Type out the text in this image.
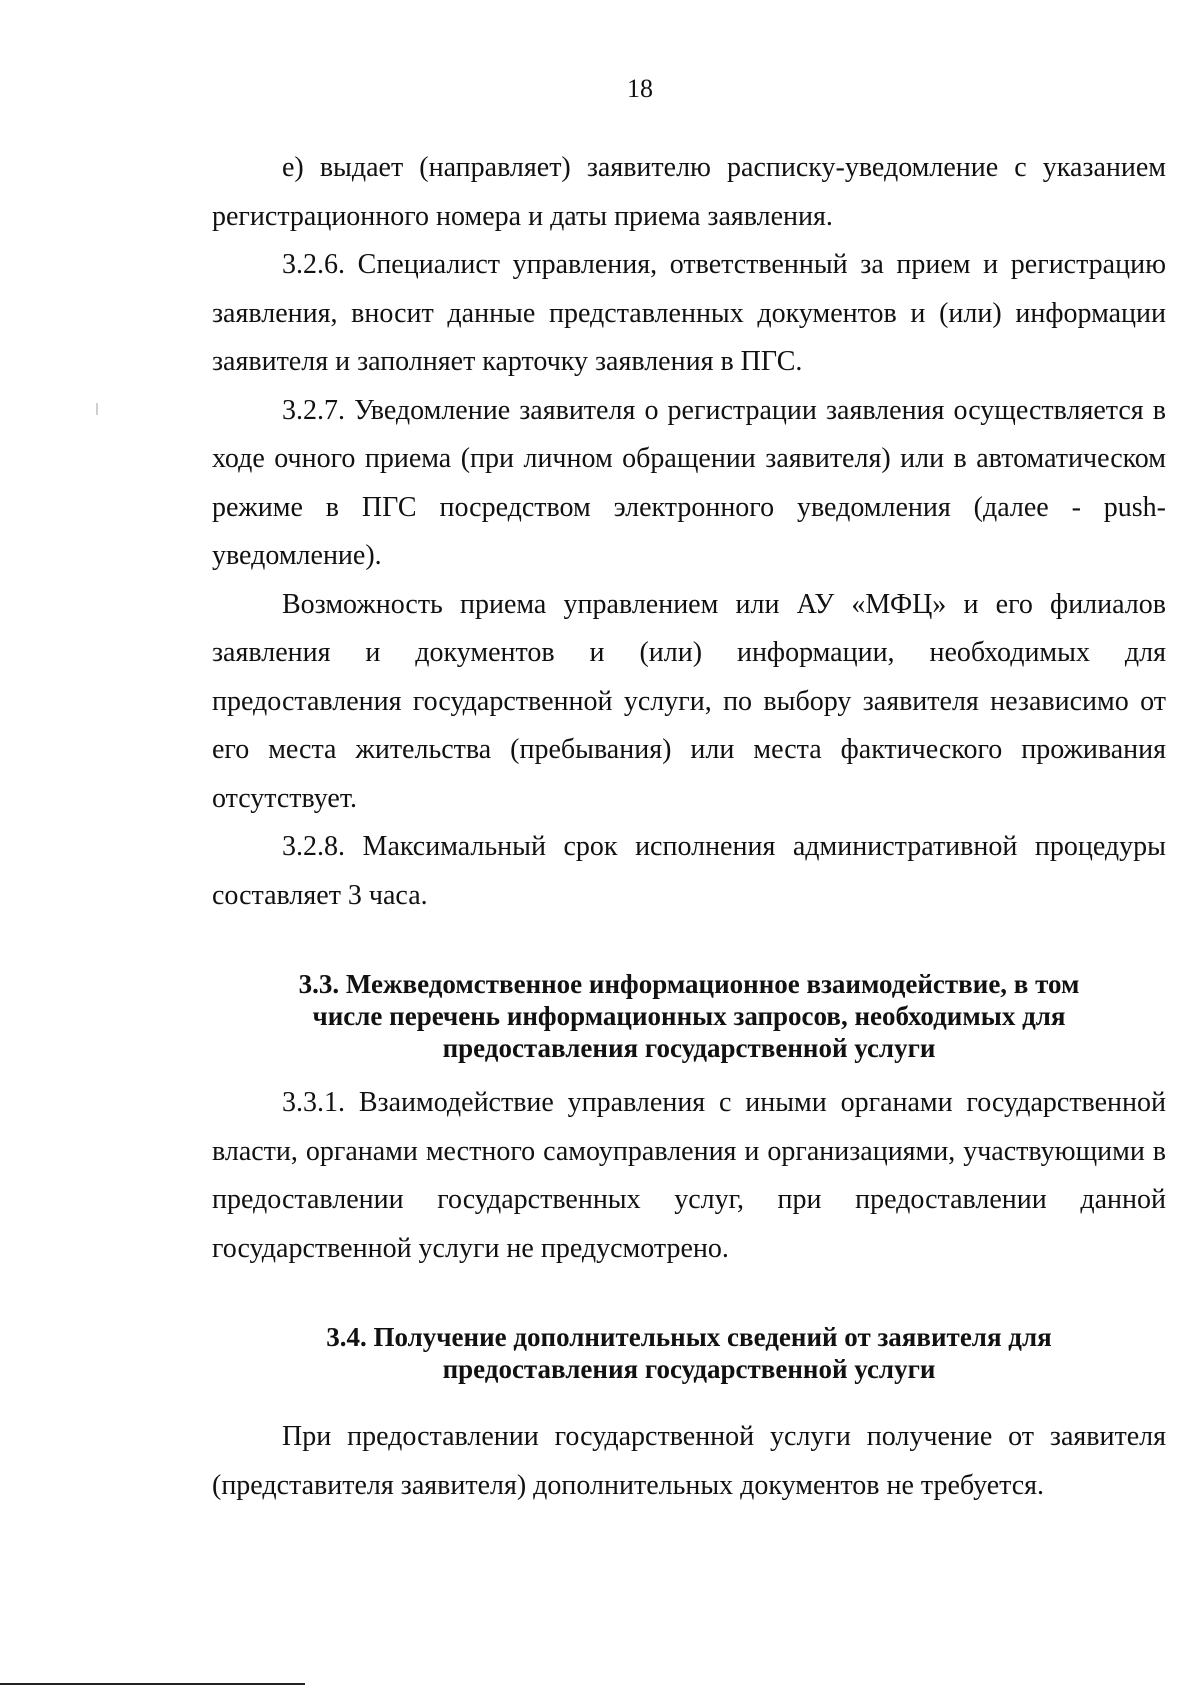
18

е) выдает (направляет) заявителю расписку-уведомление с указанием регистрационного номера и даты приема заявления.

3.2.6. Специалист управления, ответственный за прием и регистрацию заявления, вносит данные представленных документов и (или) информации заявителя и заполняет карточку заявления в ПГС.

3.2.7. Уведомление заявителя о регистрации заявления осуществляется в ходе очного приема (при личном обращении заявителя) или в автоматическом режиме в ПГС посредством электронного уведомления (далее - push-уведомление).

Возможность приема управлением или АУ «МФЦ» и его филиалов заявления и документов и (или) информации, необходимых для предоставления государственной услуги, по выбору заявителя независимо от его места жительства (пребывания) или места фактического проживания отсутствует.

3.2.8. Максимальный срок исполнения административной процедуры составляет 3 часа.

3.3. Межведомственное информационное взаимодействие, в том числе перечень информационных запросов, необходимых для предоставления государственной услуги

3.3.1. Взаимодействие управления с иными органами государственной власти, органами местного самоуправления и организациями, участвующими в предоставлении государственных услуг, при предоставлении данной государственной услуги не предусмотрено.

3.4. Получение дополнительных сведений от заявителя для предоставления государственной услуги

При предоставлении государственной услуги получение от заявителя (представителя заявителя) дополнительных документов не требуется.
